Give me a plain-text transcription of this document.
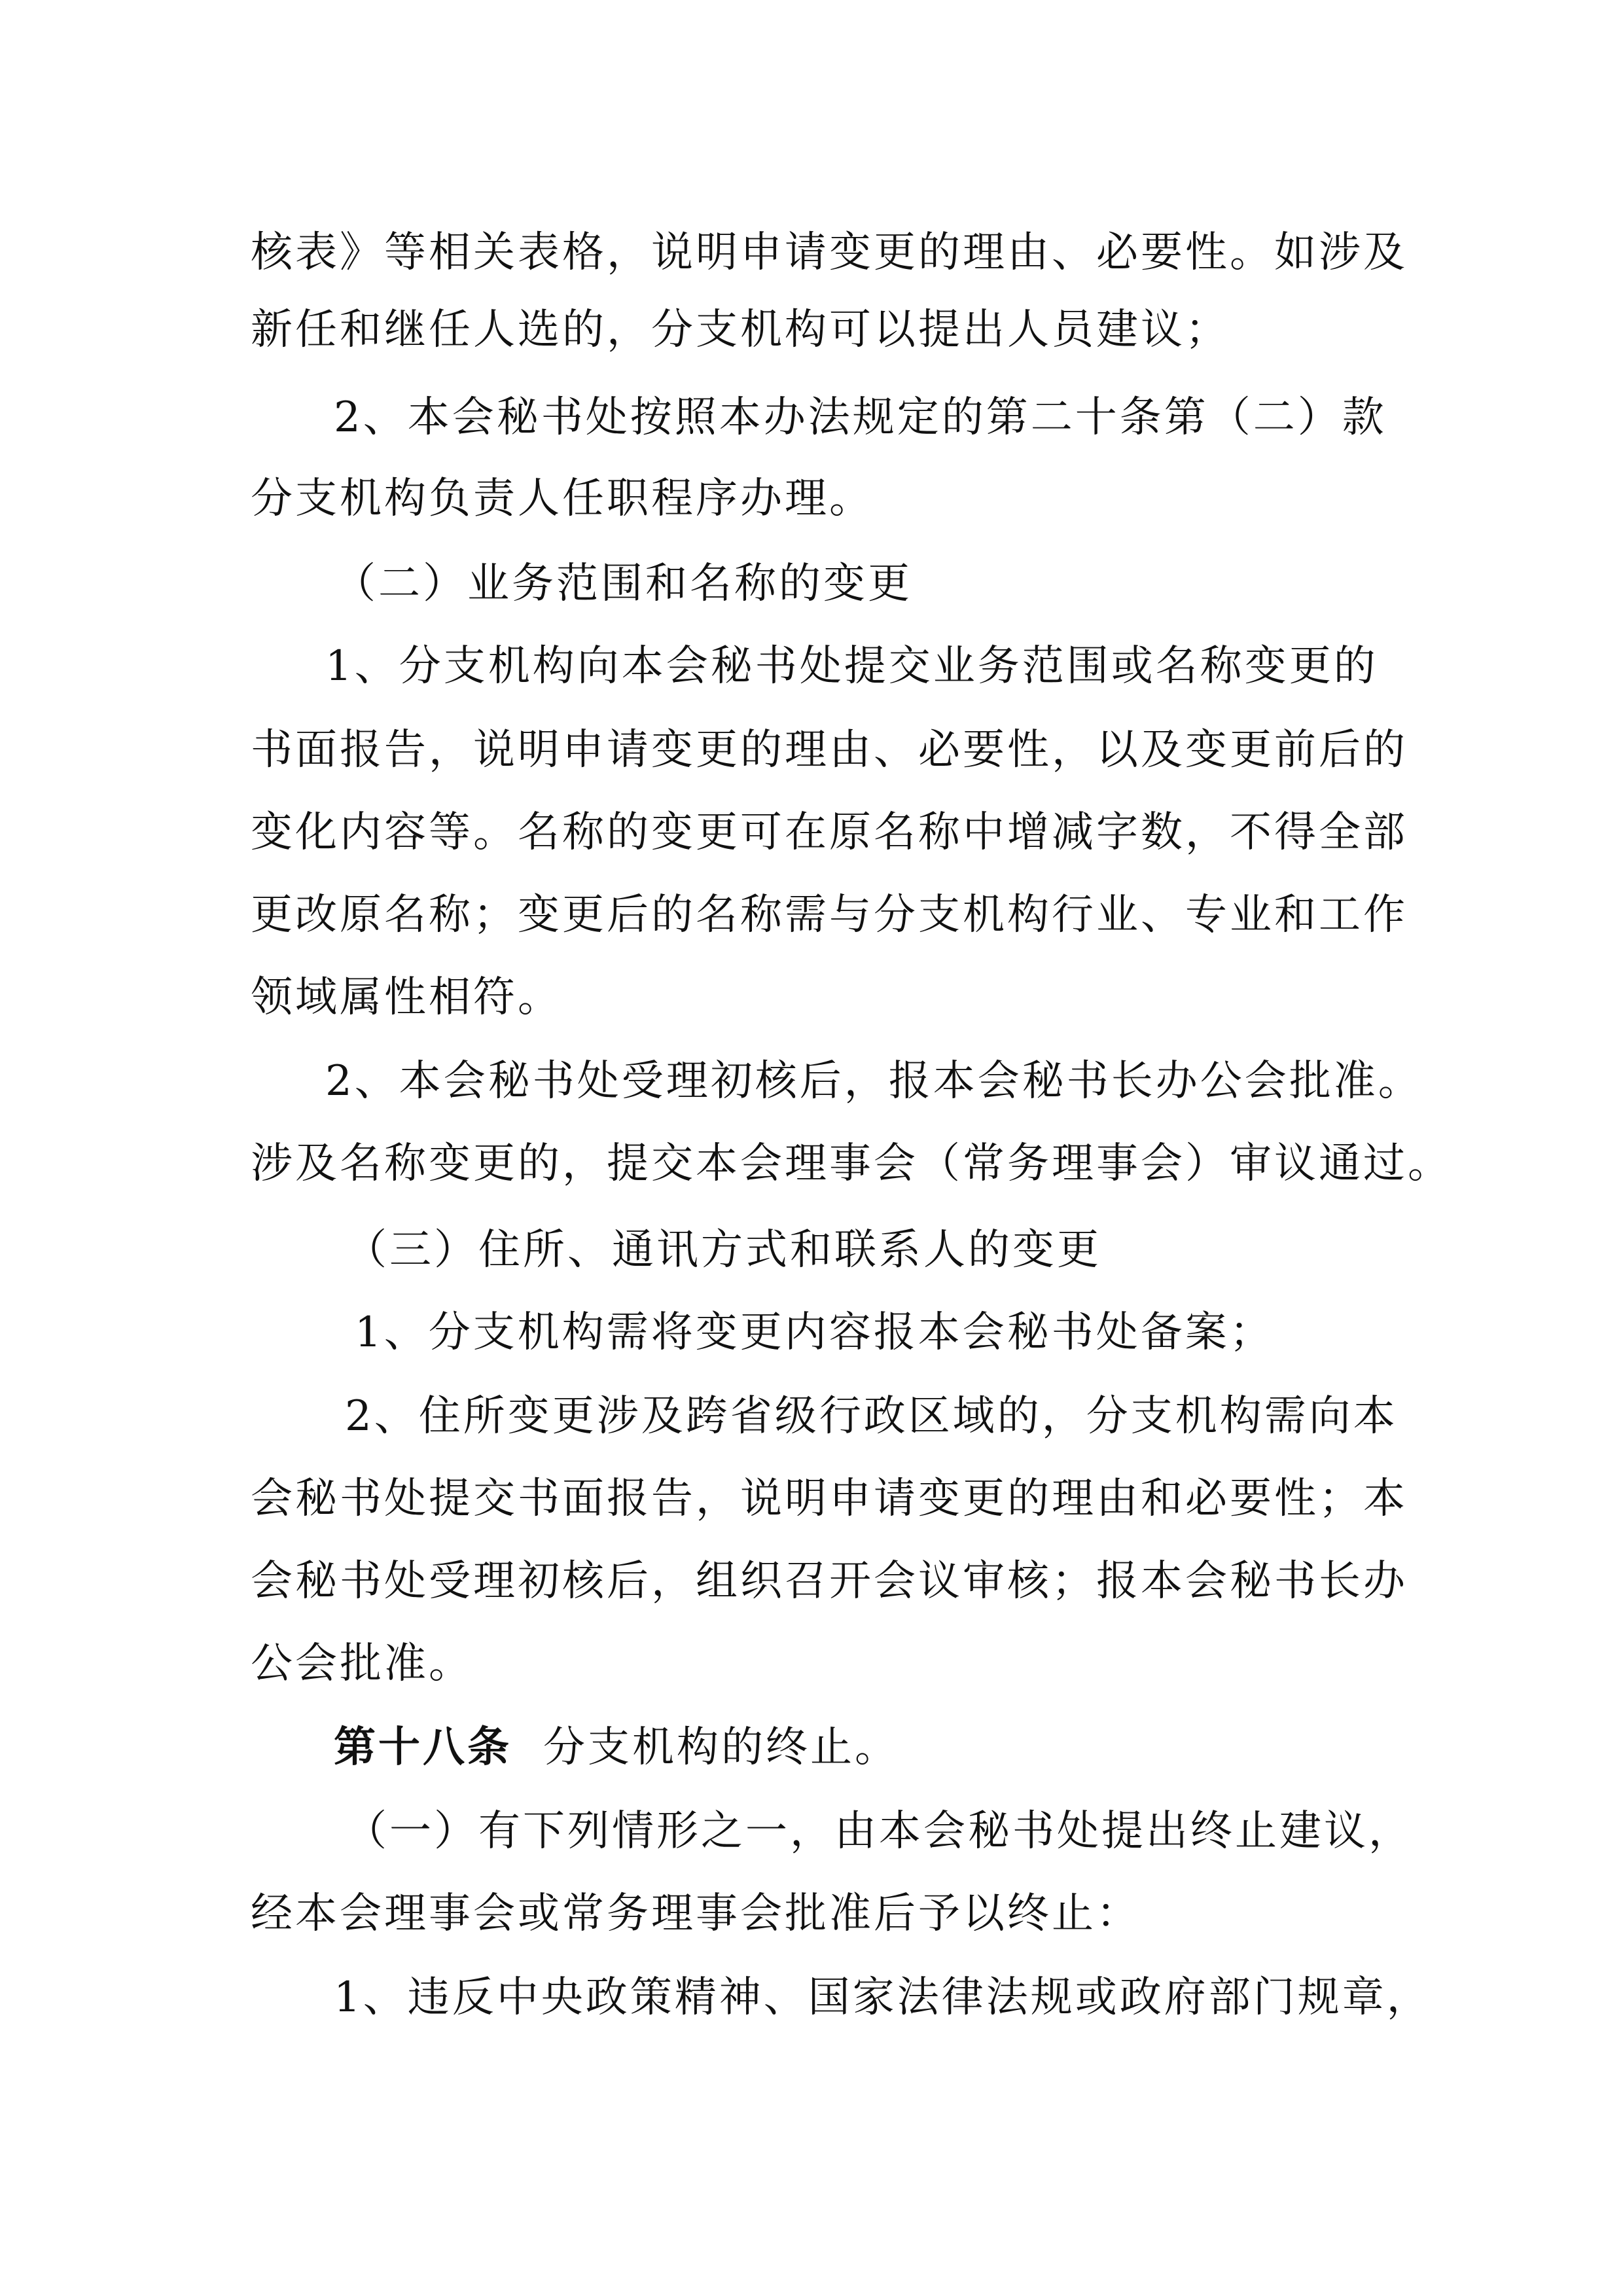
核表》等相关表格，说明申请变更的理由、必要性。如涉及
新任和继任人选的，分支机构可以提出人员建议；
2、本会秘书处按照本办法规定的第二十条第（二）款
分支机构负责人任职程序办理。
（二）业务范围和名称的变更
1、分支机构向本会秘书处提交业务范围或名称变更的
书面报告，说明申请变更的理由、必要性，以及变更前后的
变化内容等。名称的变更可在原名称中增减字数，不得全部
更改原名称；变更后的名称需与分支机构行业、专业和工作
领域属性相符。
2、本会秘书处受理初核后，报本会秘书长办公会批准。
涉及名称变更的，提交本会理事会（常务理事会）审议通过。
（三）住所、通讯方式和联系人的变更
1、分支机构需将变更内容报本会秘书处备案；
2、住所变更涉及跨省级行政区域的，分支机构需向本
会秘书处提交书面报告，说明申请变更的理由和必要性；本
会秘书处受理初核后，组织召开会议审核；报本会秘书长办
公会批准。
第十八条 分支机构的终止。
（一）有下列情形之一，由本会秘书处提出终止建议，
经本会理事会或常务理事会批准后予以终止：
1、违反中央政策精神、国家法律法规或政府部门规章，
